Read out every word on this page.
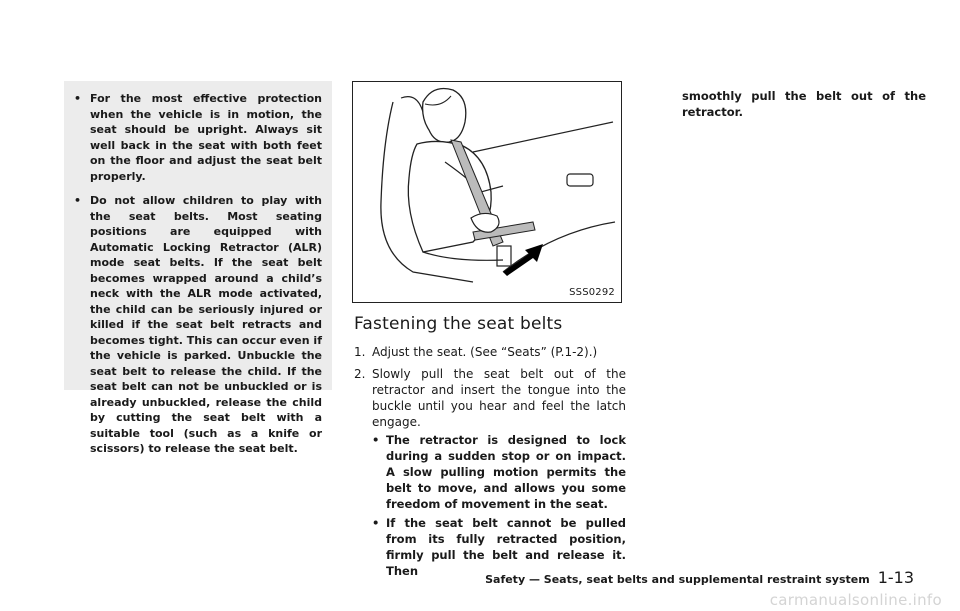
• For the most effective protection when the vehicle is in motion, the seat should be upright. Always sit well back in the seat with both feet on the floor and adjust the seat belt properly.
• Do not allow children to play with the seat belts. Most seating positions are equipped with Automatic Locking Retractor (ALR) mode seat belts. If the seat belt becomes wrapped around a child’s neck with the ALR mode activated, the child can be seriously injured or killed if the seat belt retracts and becomes tight. This can occur even if the vehicle is parked. Unbuckle the seat belt to release the child. If the seat belt can not be unbuckled or is already unbuckled, release the child by cutting the seat belt with a suitable tool (such as a knife or scissors) to release the seat belt.
SSS0292
Fastening the seat belts
1. Adjust the seat. (See “Seats” (P.1-2).)
2. Slowly pull the seat belt out of the retractor and insert the tongue into the buckle until you hear and feel the latch engage.
• The retractor is designed to lock during a sudden stop or on impact. A slow pulling motion permits the belt to move, and allows you some freedom of movement in the seat.
• If the seat belt cannot be pulled from its fully retracted position, firmly pull the belt and release it. Then
smoothly pull the belt out of the retractor.
Safety — Seats, seat belts and supplemental restraint system 1-13
carmanualsonline.info
